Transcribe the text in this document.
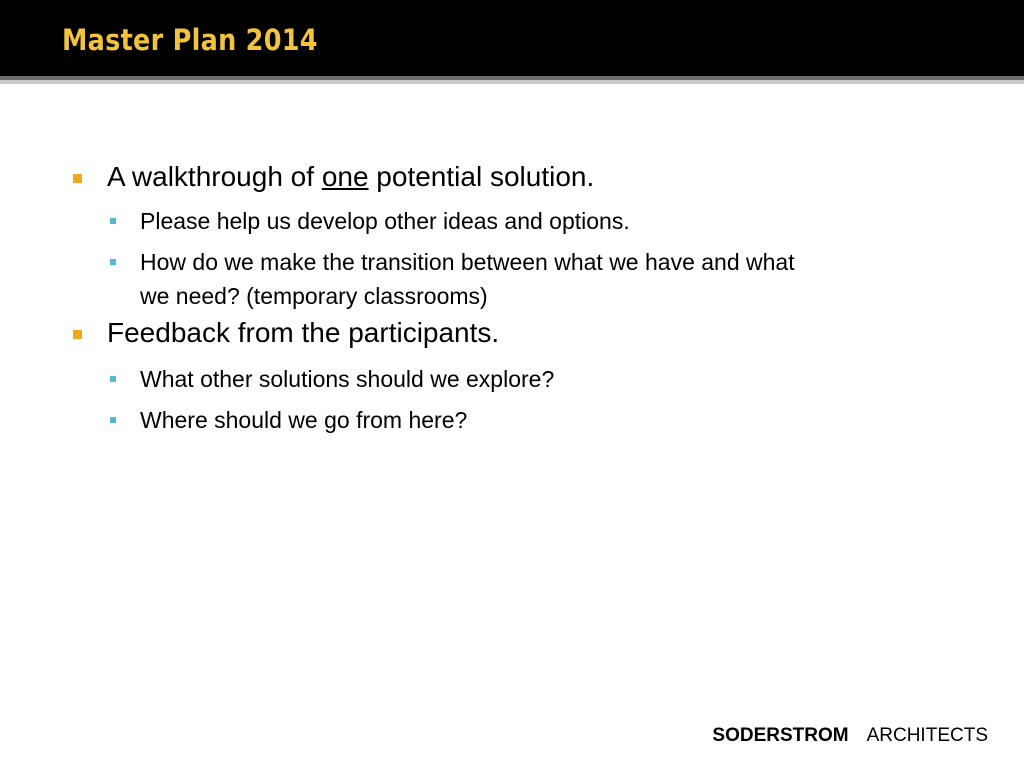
Master Plan 2014
A walkthrough of one potential solution.
Please help us develop other ideas and options.
How do we make the transition between what we have and what
we need? (temporary classrooms)
Feedback from the participants.
What other solutions should we explore?
Where should we go from here?
SODERSTROM ARCHITECTS
